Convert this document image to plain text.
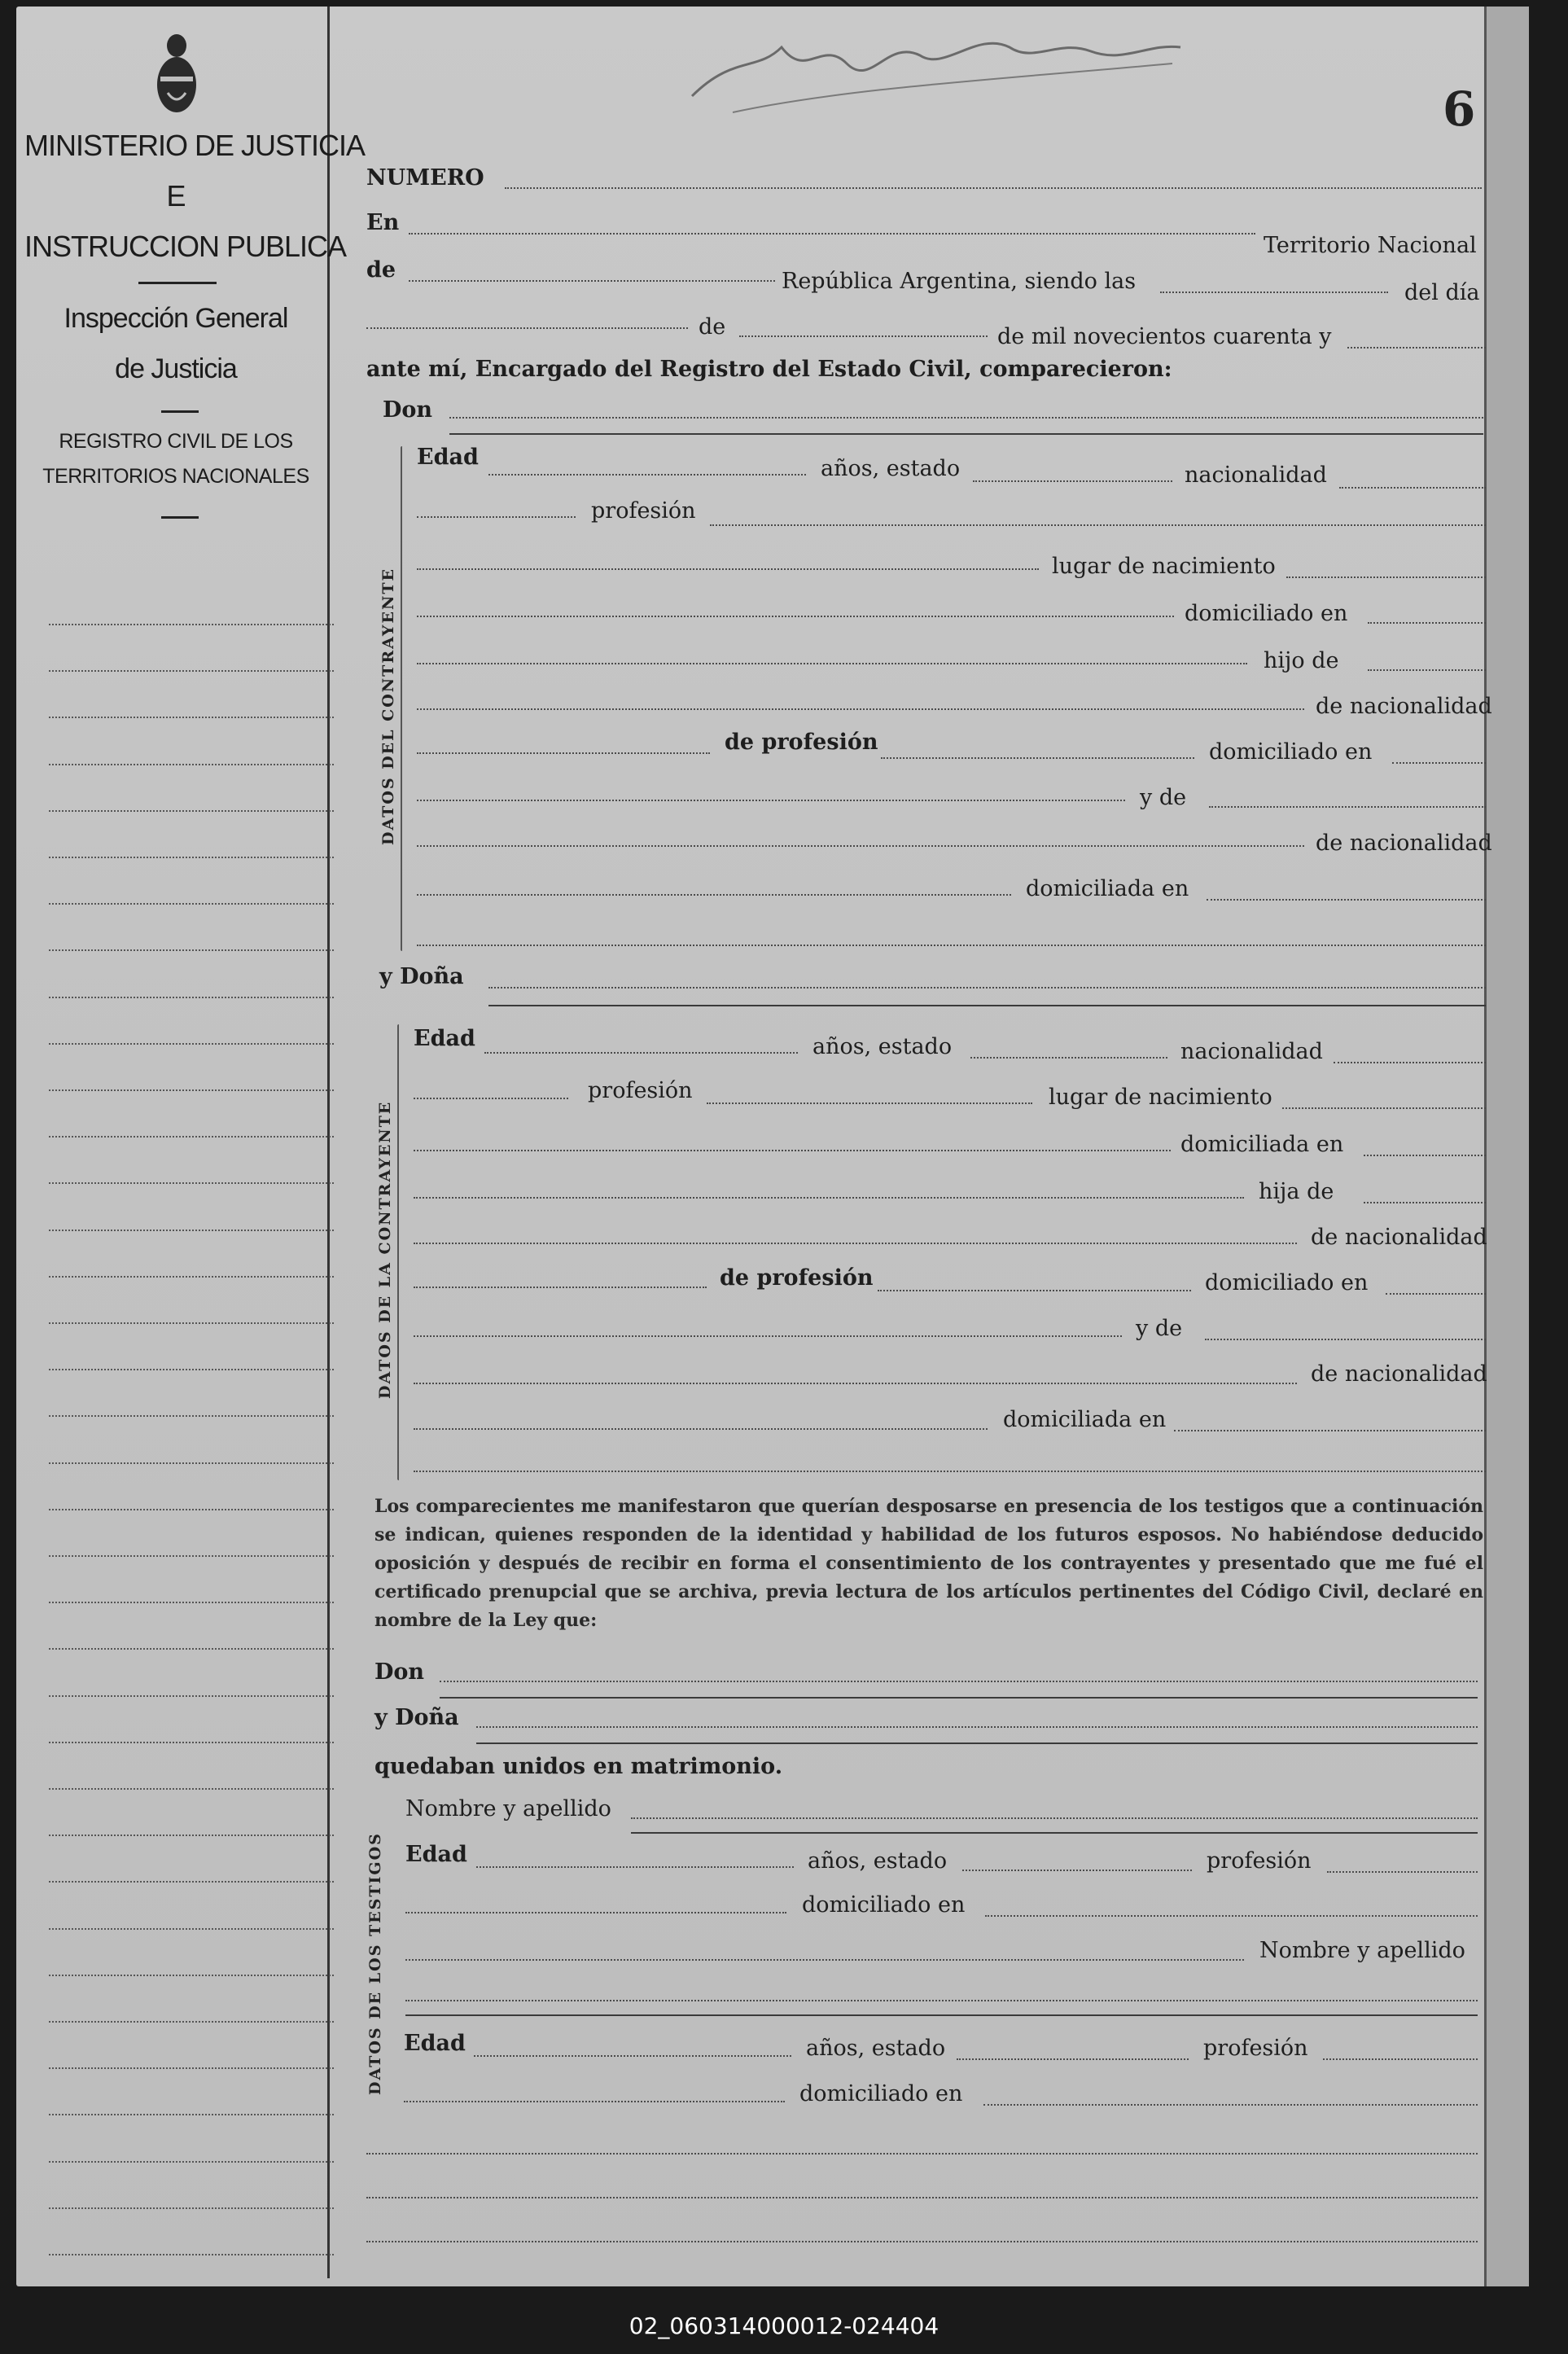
MINISTERIO DE JUSTICIA
E
INSTRUCCION PUBLICA
Inspección General
de Justicia
REGISTRO CIVIL DE LOS
TERRITORIOS NACIONALES
6
NUMERO
En
Territorio Nacional
de	República Argentina, siendo las	del día
de	de mil novecientos cuarenta y
ante mí, Encargado del Registro del Estado Civil, comparecieron:
Don
DATOS DEL CONTRAYENTE
Edad	años, estado	nacionalidad
profesión
lugar de nacimiento
domiciliado en
hijo de
de nacionalidad
de profesión	domiciliado en
y de
de nacionalidad
domiciliada en
y Doña
DATOS DE LA CONTRAYENTE
Edad	años, estado	nacionalidad
profesión	lugar de nacimiento
domiciliada en
hija de
de nacionalidad
de profesión	domiciliado en
y de
de nacionalidad
domiciliada en
Los comparecientes me manifestaron que querían desposarse en presencia de los testigos que a continuación se indican, quienes responden de la identidad y habilidad de los futuros esposos. No habiéndose deducido oposición y después de recibir en forma el consentimiento de los contrayentes y presentado que me fué el certificado prenupcial que se archiva, previa lectura de los artículos pertinentes del Código Civil, declaré en nombre de la Ley que:
Don
y Doña
quedaban unidos en matrimonio.
DATOS DE LOS TESTIGOS
Nombre y apellido
Edad	años, estado	profesión
domiciliado en
Nombre y apellido
Edad	años, estado	profesión
domiciliado en
02_060314000012-024404
